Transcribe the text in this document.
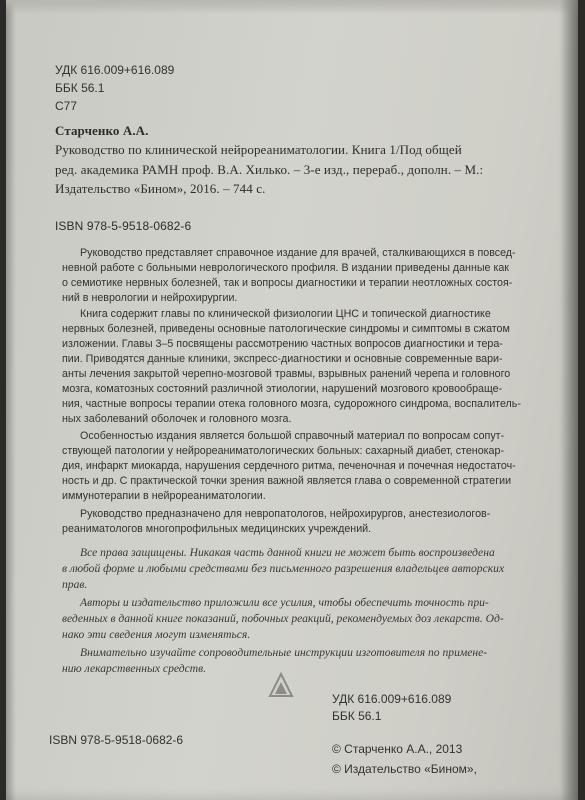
УДК 616.009+616.089
ББК 56.1
С77
Старченко А.А.
Руководство по клинической нейрореаниматологии. Книга 1/Под общей
ред. академика РАМН проф. В.А. Хилько. – 3-е изд., перераб., дополн. – М.:
Издательство «Бином», 2016. – 744 с.
ISBN 978-5-9518-0682-6
Руководство представляет справочное издание для врачей, сталкивающихся в повсед-
невной работе с больными неврологического профиля. В издании приведены данные как
о семиотике нервных болезней, так и вопросы диагностики и терапии неотложных состоя-
ний в неврологии и нейрохирургии.
Книга содержит главы по клинической физиологии ЦНС и топической диагностике
нервных болезней, приведены основные патологические синдромы и симптомы в сжатом
изложении. Главы 3–5 посвящены рассмотрению частных вопросов диагностики и тера-
пии. Приводятся данные клиники, экспресс-диагностики и основные современные вари-
анты лечения закрытой черепно-мозговой травмы, взрывных ранений черепа и головного
мозга, коматозных состояний различной этиологии, нарушений мозгового кровообраще-
ния, частные вопросы терапии отека головного мозга, судорожного синдрома, воспалитель-
ных заболеваний оболочек и головного мозга.
Особенностью издания является большой справочный материал по вопросам сопут-
ствующей патологии у нейрореаниматологических больных: сахарный диабет, стенокар-
дия, инфаркт миокарда, нарушения сердечного ритма, печеночная и почечная недостаточ-
ность и др. С практической точки зрения важной является глава о современной стратегии
иммунотерапии в нейрореаниматологии.
Руководство предназначено для невропатологов, нейрохирургов, анестезиологов-
реаниматологов многопрофильных медицинских учреждений.
Все права защищены. Никакая часть данной книги не может быть воспроизведена
в любой форме и любыми средствами без письменного разрешения владельцев авторских
прав.
Авторы и издательство приложили все усилия, чтобы обеспечить точность при-
веденных в данной книге показаний, побочных реакций, рекомендуемых доз лекарств. Од-
нако эти сведения могут изменяться.
Внимательно изучайте сопроводительные инструкции изготовителя по примене-
нию лекарственных средств.
УДК 616.009+616.089
ББК 56.1
ISBN 978-5-9518-0682-6
© Старченко А.А., 2013
© Издательство «Бином»,
